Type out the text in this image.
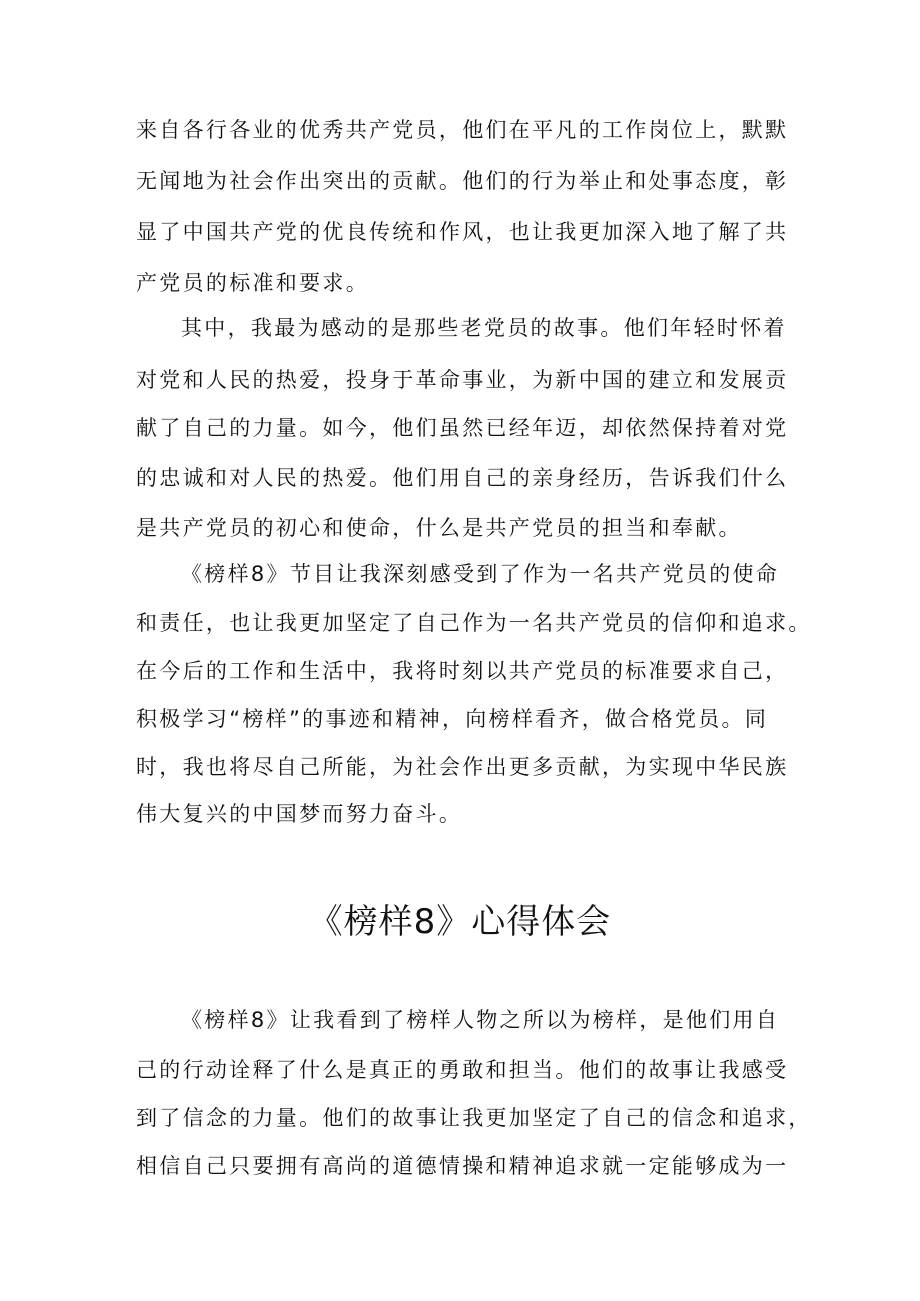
来自各行各业的优秀共产党员，他们在平凡的工作岗位上，默默
无闻地为社会作出突出的贡献。他们的行为举止和处事态度，彰
显了中国共产党的优良传统和作风，也让我更加深入地了解了共
产党员的标准和要求。
其中，我最为感动的是那些老党员的故事。他们年轻时怀着
对党和人民的热爱，投身于革命事业，为新中国的建立和发展贡
献了自己的力量。如今，他们虽然已经年迈，却依然保持着对党
的忠诚和对人民的热爱。他们用自己的亲身经历，告诉我们什么
是共产党员的初心和使命，什么是共产党员的担当和奉献。
《榜样8》节目让我深刻感受到了作为一名共产党员的使命
和责任，也让我更加坚定了自己作为一名共产党员的信仰和追求。
在今后的工作和生活中，我将时刻以共产党员的标准要求自己，
积极学习“榜样”的事迹和精神，向榜样看齐，做合格党员。同
时，我也将尽自己所能，为社会作出更多贡献，为实现中华民族
伟大复兴的中国梦而努力奋斗。
《榜样8》心得体会
《榜样8》让我看到了榜样人物之所以为榜样，是他们用自
己的行动诠释了什么是真正的勇敢和担当。他们的故事让我感受
到了信念的力量。他们的故事让我更加坚定了自己的信念和追求，
相信自己只要拥有高尚的道德情操和精神追求就一定能够成为一
